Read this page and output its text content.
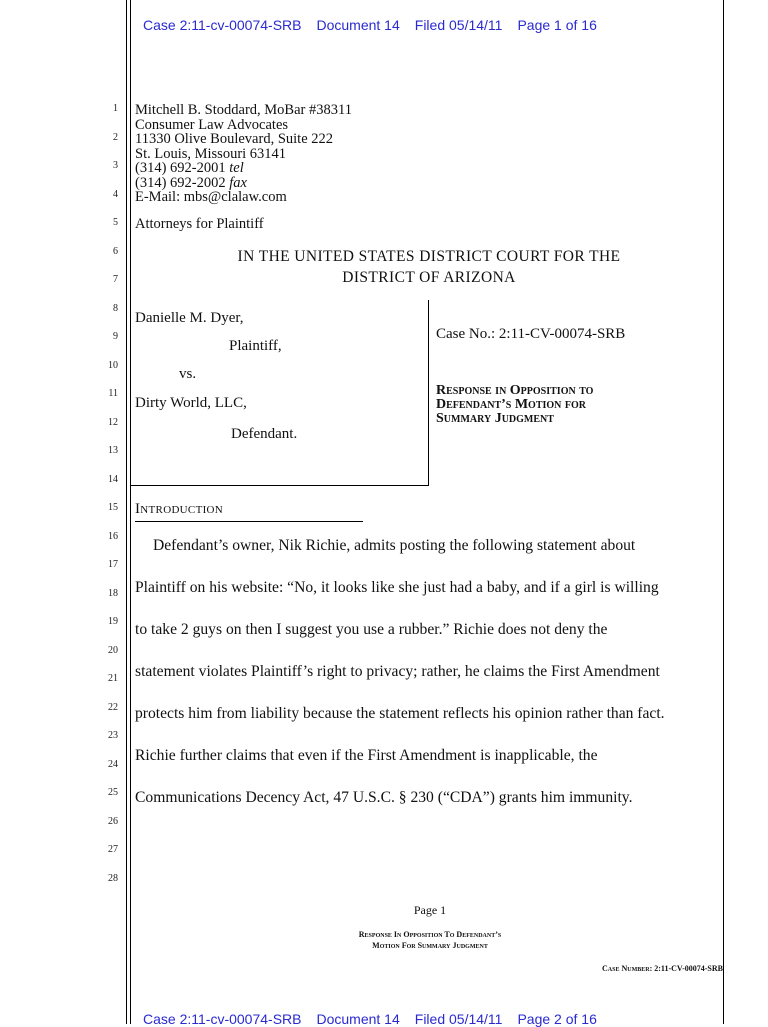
Case 2:11-cv-00074-SRB Document 14 Filed 05/14/11 Page 1 of 16
1
2
3
4
5
6
7
8
9
10
11
12
13
14
15
16
17
18
19
20
21
22
23
24
25
26
27
28
Mitchell B. Stoddard, MoBar #38311
Consumer Law Advocates
11330 Olive Boulevard, Suite 222
St. Louis, Missouri 63141
(314) 692-2001 tel
(314) 692-2002 fax
E-Mail: mbs@clalaw.com
Attorneys for Plaintiff
IN THE UNITED STATES DISTRICT COURT FOR THE
DISTRICT OF ARIZONA
Danielle M. Dyer,
Plaintiff,
vs.
Dirty World, LLC,
Defendant.
Case No.: 2:11-CV-00074-SRB
Response in Opposition to
Defendant’s Motion for
Summary Judgment
Introduction
Defendant’s owner, Nik Richie, admits posting the following statement about
Plaintiff on his website: “No, it looks like she just had a baby, and if a girl is willing
to take 2 guys on then I suggest you use a rubber.” Richie does not deny the
statement violates Plaintiff’s right to privacy; rather, he claims the First Amendment
protects him from liability because the statement reflects his opinion rather than fact.
Richie further claims that even if the First Amendment is inapplicable, the
Communications Decency Act, 47 U.S.C. § 230 (“CDA”) grants him immunity.
Page 1
Response In Opposition To Defendant’s
Motion For Summary Judgment
Case Number: 2:11-CV-00074-SRB
Case 2:11-cv-00074-SRB Document 14 Filed 05/14/11 Page 2 of 16
